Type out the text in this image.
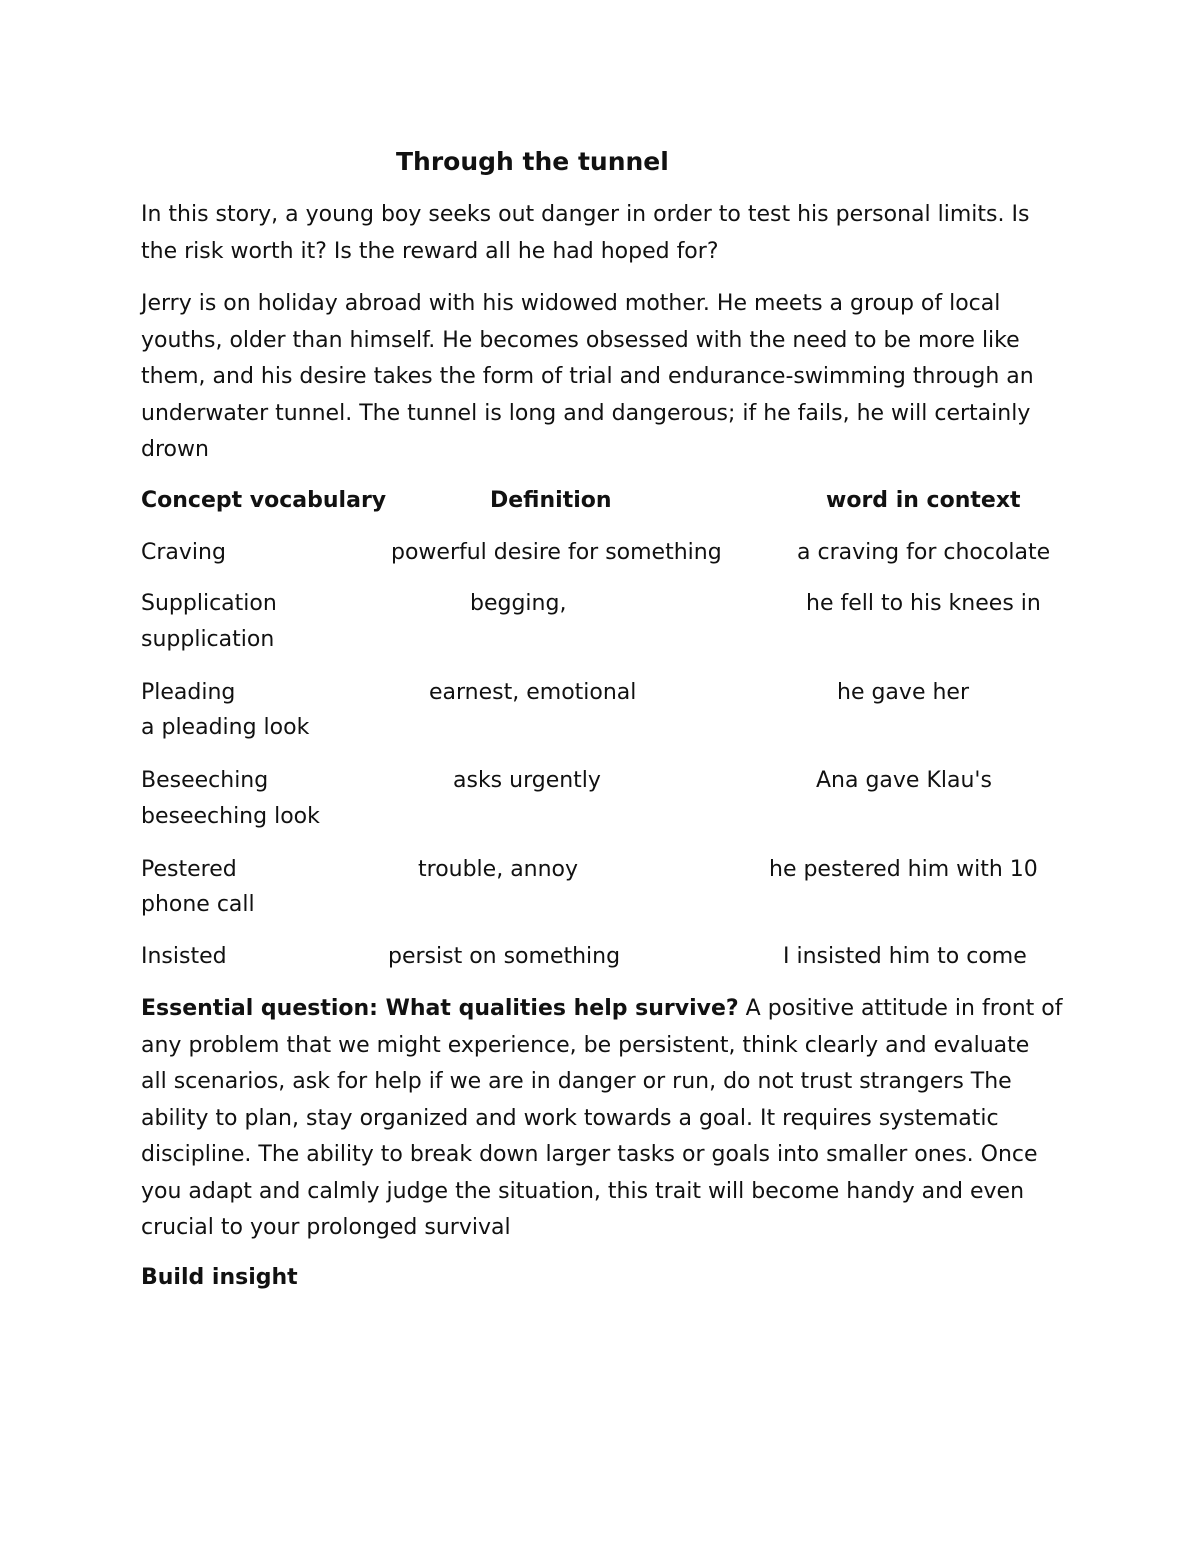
Through the tunnel
In this story, a young boy seeks out danger in order to test his personal limits. Is
the risk worth it? Is the reward all he had hoped for?
Jerry is on holiday abroad with his widowed mother. He meets a group of local
youths, older than himself. He becomes obsessed with the need to be more like
them, and his desire takes the form of trial and endurance-swimming through an
underwater tunnel. The tunnel is long and dangerous; if he fails, he will certainly
drown
Concept vocabulary	Definition	word in context
Craving	powerful desire for something	a craving for chocolate
Supplication	begging,	he fell to his knees in
supplication
Pleading	earnest, emotional	he gave her
a pleading look
Beseeching	asks urgently	Ana gave Klau's
beseeching look
Pestered	trouble, annoy	he pestered him with 10
phone call
Insisted	persist on something	I insisted him to come
Essential question: What qualities help survive? A positive attitude in front of
any problem that we might experience, be persistent, think clearly and evaluate
all scenarios, ask for help if we are in danger or run, do not trust strangers The
ability to plan, stay organized and work towards a goal. It requires systematic
discipline. The ability to break down larger tasks or goals into smaller ones. Once
you adapt and calmly judge the situation, this trait will become handy and even
crucial to your prolonged survival
Build insight
